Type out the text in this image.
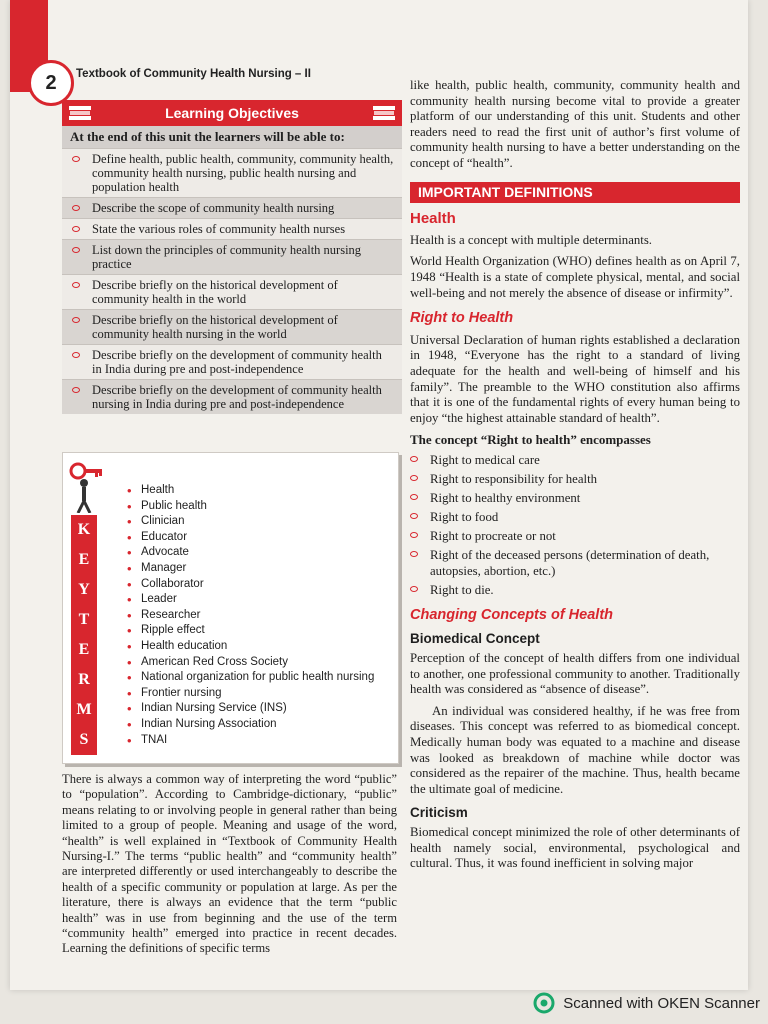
2	Textbook of Community Health Nursing – II
Learning Objectives
At the end of this unit the learners will be able to:
Define health, public health, community, community health, community health nursing, public health nursing and population health
Describe the scope of community health nursing
State the various roles of community health nurses
List down the principles of community health nursing practice
Describe briefly on the historical development of community health in the world
Describe briefly on the historical development of community health nursing in the world
Describe briefly on the development of community health in India during pre and post-independence
Describe briefly on the development of community health nursing in India during pre and post-independence
K
E
Y
T
E
R
M
S
• Health
• Public health
• Clinician
• Educator
• Advocate
• Manager
• Collaborator
• Leader
• Researcher
• Ripple effect
• Health education
• American Red Cross Society
• National organization for public health nursing
• Frontier nursing
• Indian Nursing Service (INS)
• Indian Nursing Association
• TNAI
There is always a common way of interpreting the word “public” to “population”. According to Cambridge-dictionary, “public” means relating to or involving people in general rather than being limited to a group of people. Meaning and usage of the word, “health” is well explained in “Textbook of Community Health Nursing-I.” The terms “public health” and “community health” are interpreted differently or used interchangeably to describe the health of a specific community or population at large. As per the literature, there is always an evidence that the term “public health” was in use from beginning and the use of the term “community health” emerged into practice in recent decades. Learning the definitions of specific terms

like health, public health, community, community health and community health nursing become vital to provide a greater platform of our understanding of this unit. Students and other readers need to read the first unit of author’s first volume of community health nursing to have a better understanding on the concept of “health”.

IMPORTANT DEFINITIONS
Health

Health is a concept with multiple determinants.

World Health Organization (WHO) defines health as on April 7, 1948 “Health is a state of complete physical, mental, and social well-being and not merely the absence of disease or infirmity”.

Right to Health

Universal Declaration of human rights established a declaration in 1948, “Everyone has the right to a standard of living adequate for the health and well-being of himself and his family”. The preamble to the WHO constitution also affirms that it is one of the fundamental rights of every human being to enjoy “the highest attainable standard of health”.

The concept “Right to health” encompasses
Right to medical care
Right to responsibility for health
Right to healthy environment
Right to food
Right to procreate or not
Right of the deceased persons (determination of death, autopsies, abortion, etc.)
Right to die.
Changing Concepts of Health
Biomedical Concept

Perception of the concept of health differs from one individual to another, one professional community to another. Traditionally health was considered as “absence of disease”.

An individual was considered healthy, if he was free from diseases. This concept was referred to as biomedical concept. Medically human body was equated to a machine and disease was looked as breakdown of machine while doctor was considered as the repairer of the machine. Thus, health became the ultimate goal of medicine.

Criticism

Biomedical concept minimized the role of other determinants of health namely social, environmental, psychological and cultural. Thus, it was found inefficient in solving major

Scanned with OKEN Scanner
